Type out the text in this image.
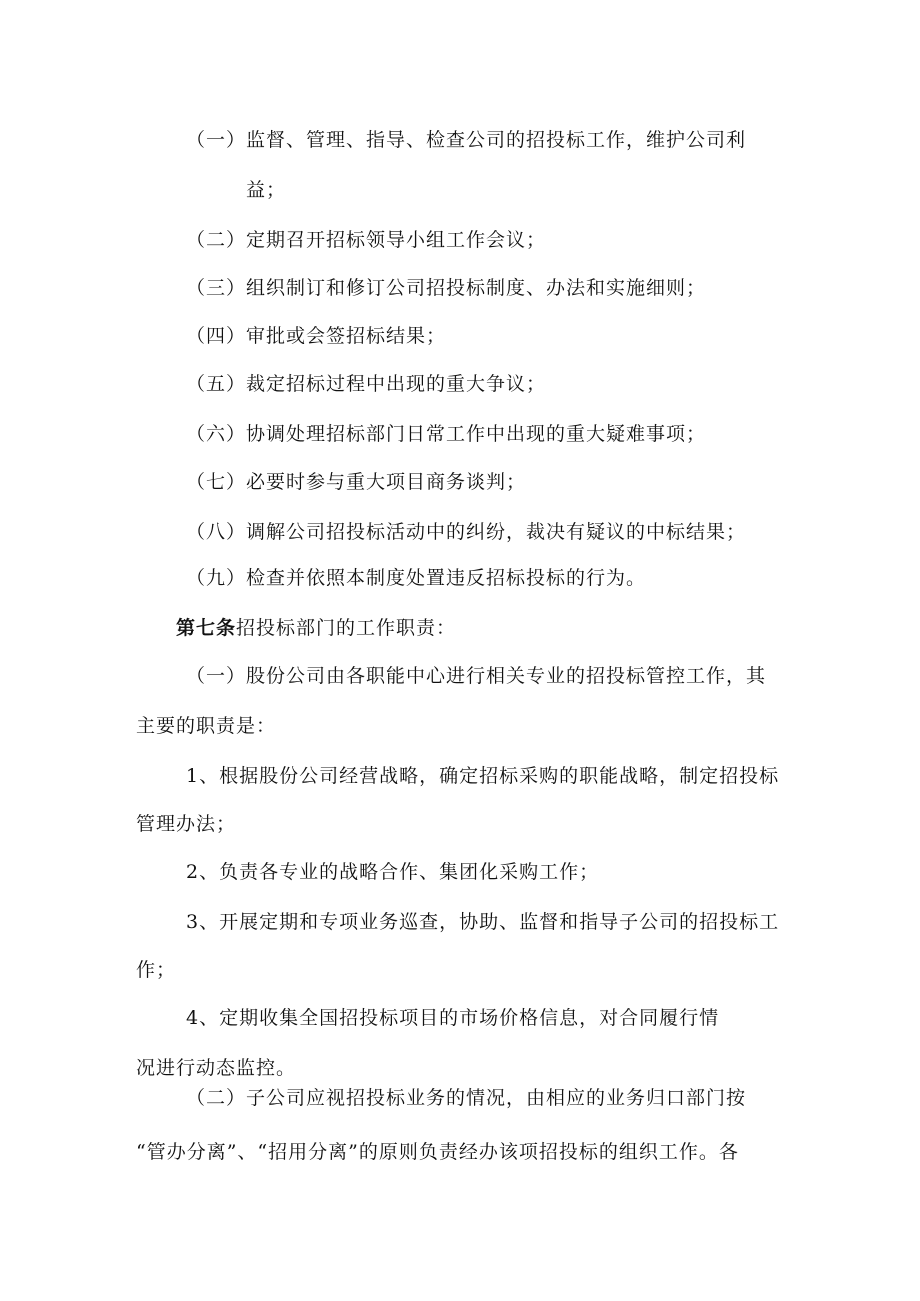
（一）监督、管理、指导、检查公司的招投标工作，维护公司利
益；
（二）定期召开招标领导小组工作会议；
（三）组织制订和修订公司招投标制度、办法和实施细则；
（四）审批或会签招标结果；
（五）裁定招标过程中出现的重大争议；
（六）协调处理招标部门日常工作中出现的重大疑难事项；
（七）必要时参与重大项目商务谈判；
（八）调解公司招投标活动中的纠纷，裁决有疑议的中标结果；
（九）检查并依照本制度处置违反招标投标的行为。
第七条招投标部门的工作职责：
（一）股份公司由各职能中心进行相关专业的招投标管控工作，其
主要的职责是：
1、根据股份公司经营战略，确定招标采购的职能战略，制定招投标
管理办法；
2、负责各专业的战略合作、集团化采购工作；
3、开展定期和专项业务巡查，协助、监督和指导子公司的招投标工
作；
4、定期收集全国招投标项目的市场价格信息，对合同履行情
况进行动态监控。
（二）子公司应视招投标业务的情况，由相应的业务归口部门按
“管办分离”、“招用分离”的原则负责经办该项招投标的组织工作。各
